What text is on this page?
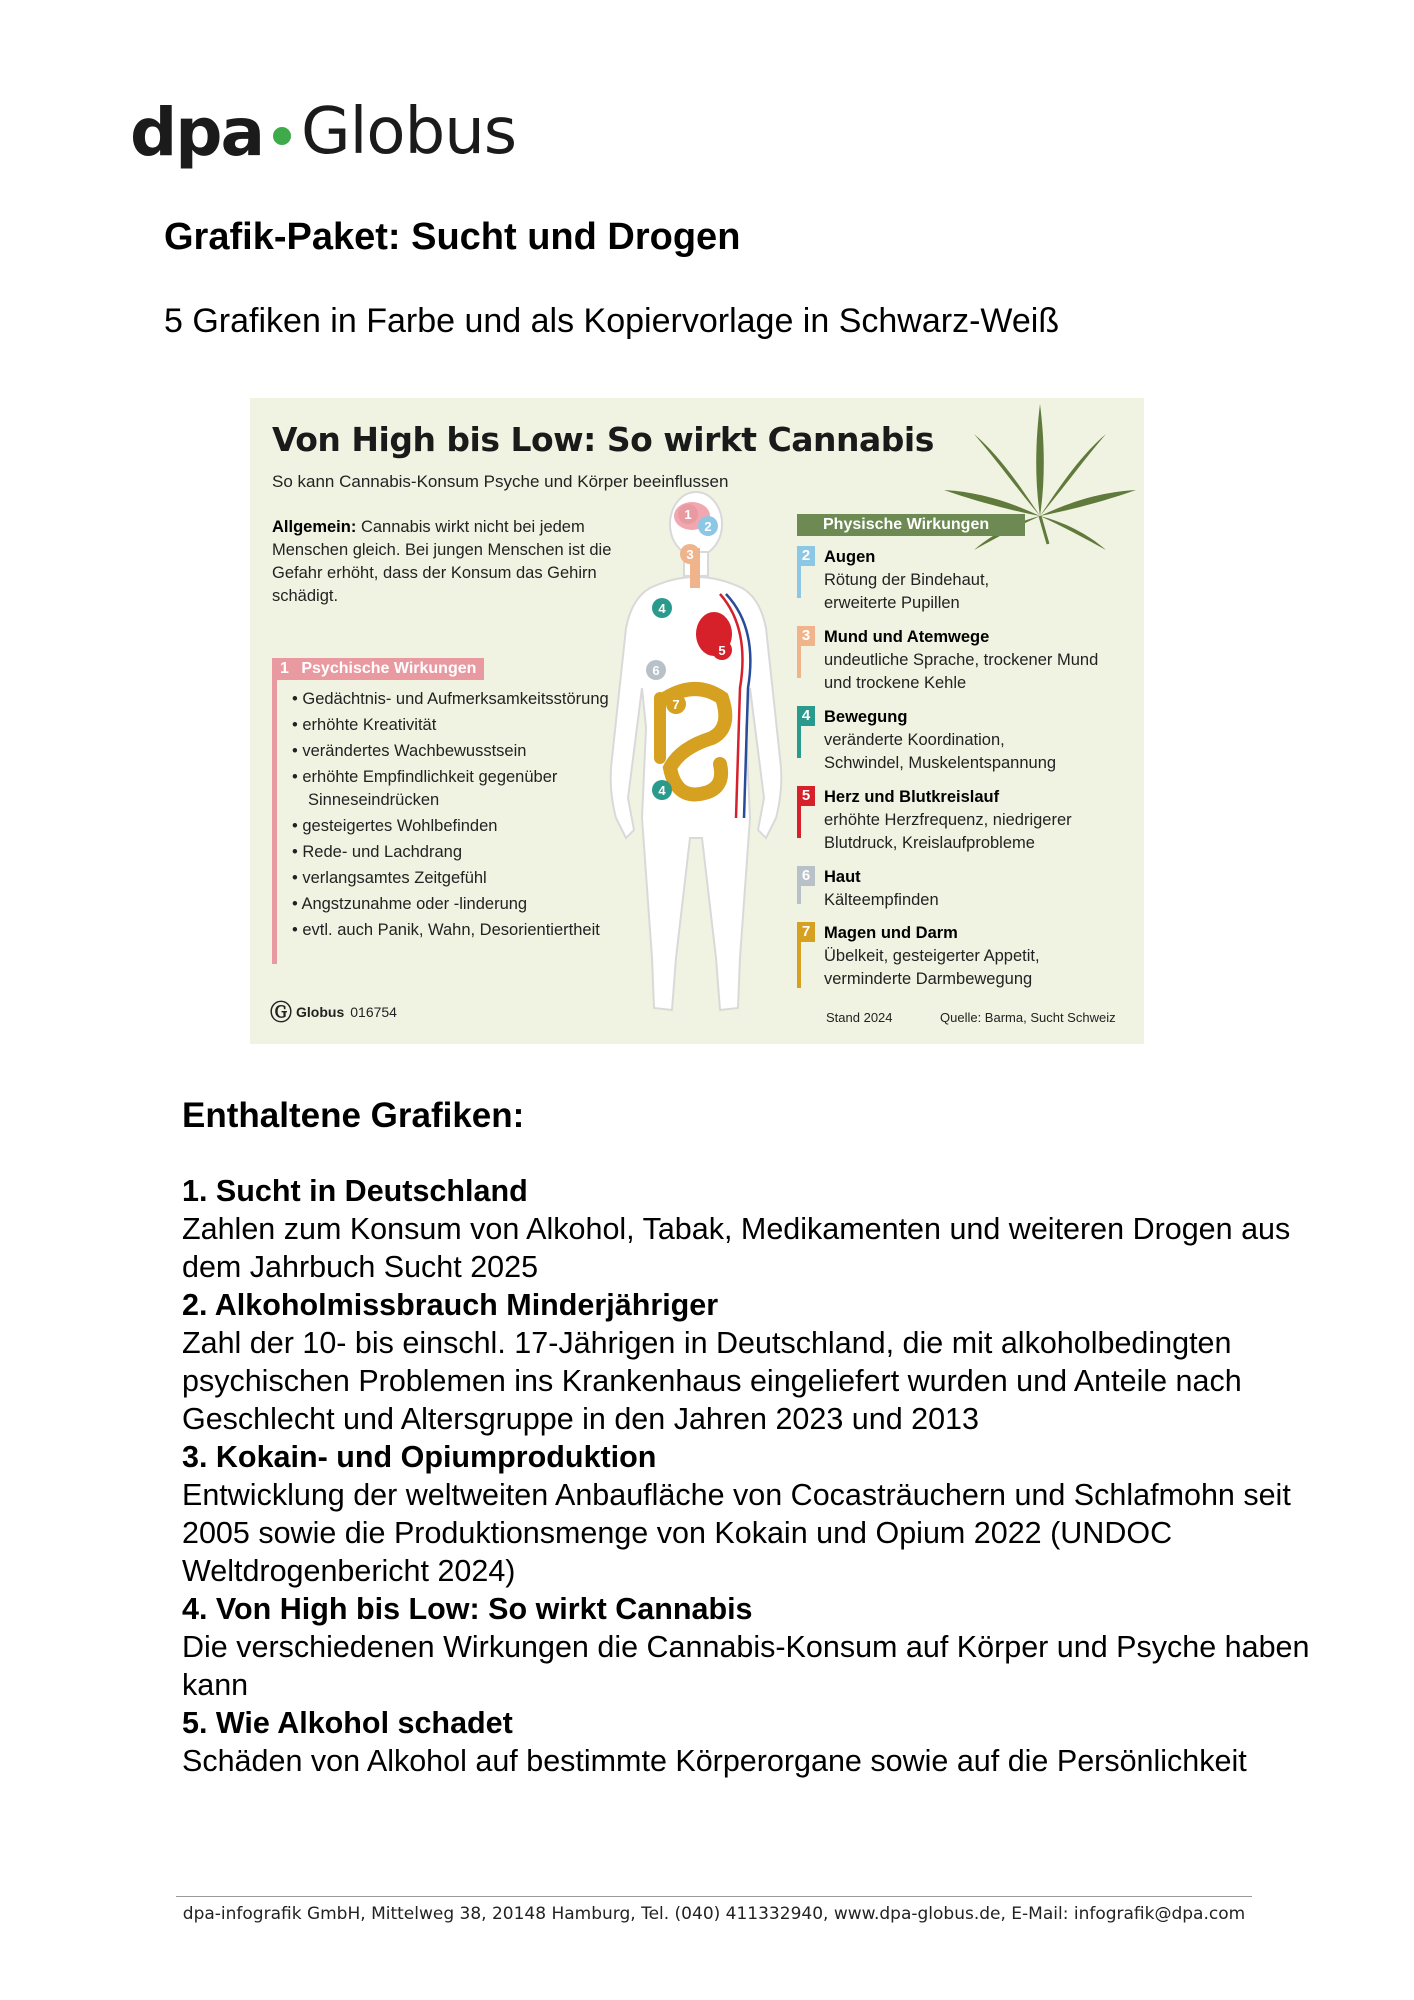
dpa Globus
Grafik-Paket: Sucht und Drogen
5 Grafiken in Farbe und als Kopiervorlage in Schwarz-Weiß
Von High bis Low: So wirkt Cannabis
So kann Cannabis-Konsum Psyche und Körper beeinflussen
1
2
3
4
5
6
7
4
Allgemein: Cannabis wirkt nicht bei jedem Menschen gleich. Bei jungen Menschen ist die Gefahr erhöht, dass der Konsum das Gehirn schädigt.
1 Psychische Wirkungen
• Gedächtnis- und Aufmerksamkeitsstörung
• erhöhte Kreativität
• verändertes Wachbewusstsein
• erhöhte Empfindlichkeit gegenüber Sinneseindrücken
• gesteigertes Wohlbefinden
• Rede- und Lachdrang
• verlangsamtes Zeitgefühl
• Angstzunahme oder -linderung
• evtl. auch Panik, Wahn, Desorientiertheit
Physische Wirkungen
2 Augen
Rötung der Bindehaut, erweiterte Pupillen
3 Mund und Atemwege
undeutliche Sprache, trockener Mund und trockene Kehle
4 Bewegung
veränderte Koordination, Schwindel, Muskelentspannung
5 Herz und Blutkreislauf
erhöhte Herzfrequenz, niedrigerer Blutdruck, Kreislaufprobleme
6 Haut
Kälteempfinden
7 Magen und Darm
Übelkeit, gesteigerter Appetit, verminderte Darmbewegung
Ⓖ Globus 016754	Stand 2024	Quelle: Barma, Sucht Schweiz
Enthaltene Grafiken:
1. Sucht in Deutschland
Zahlen zum Konsum von Alkohol, Tabak, Medikamenten und weiteren Drogen aus dem Jahrbuch Sucht 2025
2. Alkoholmissbrauch Minderjähriger
Zahl der 10- bis einschl. 17-Jährigen in Deutschland, die mit alkoholbedingten psychischen Problemen ins Krankenhaus eingeliefert wurden und Anteile nach Geschlecht und Altersgruppe in den Jahren 2023 und 2013
3. Kokain- und Opiumproduktion
Entwicklung der weltweiten Anbaufläche von Cocasträuchern und Schlafmohn seit 2005 sowie die Produktionsmenge von Kokain und Opium 2022 (UNDOC Weltdrogenbericht 2024)
4. Von High bis Low: So wirkt Cannabis
Die verschiedenen Wirkungen die Cannabis-Konsum auf Körper und Psyche haben kann
5. Wie Alkohol schadet
Schäden von Alkohol auf bestimmte Körperorgane sowie auf die Persönlichkeit
dpa-infografik GmbH, Mittelweg 38, 20148 Hamburg, Tel. (040) 411332940, www.dpa-globus.de, E-Mail: infografik@dpa.com
